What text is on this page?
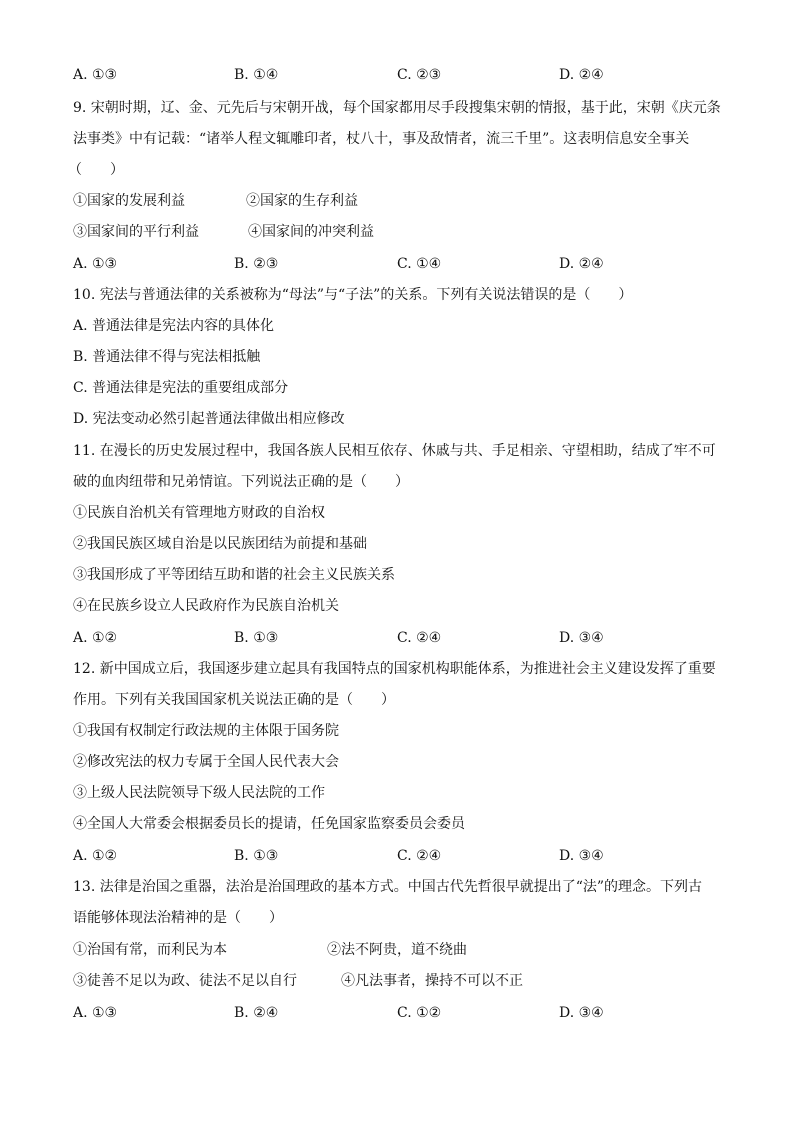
A. ①③	B. ①④	C. ②③	D. ②④
9. 宋朝时期，辽、金、元先后与宋朝开战，每个国家都用尽手段搜集宋朝的情报，基于此，宋朝《庆元条
法事类》中有记载：“诸举人程文辄雕印者，杖八十，事及敌情者，流三千里”。这表明信息安全事关
（　　）
①国家的发展利益	②国家的生存利益
③国家间的平行利益	④国家间的冲突利益
A. ①③	B. ②③	C. ①④	D. ②④
10. 宪法与普通法律的关系被称为“母法”与“子法”的关系。下列有关说法错误的是（　　）
A. 普通法律是宪法内容的具体化
B. 普通法律不得与宪法相抵触
C. 普通法律是宪法的重要组成部分
D. 宪法变动必然引起普通法律做出相应修改
11. 在漫长的历史发展过程中，我国各族人民相互依存、休戚与共、手足相亲、守望相助，结成了牢不可
破的血肉纽带和兄弟情谊。下列说法正确的是（　　）
①民族自治机关有管理地方财政的自治权
②我国民族区域自治是以民族团结为前提和基础
③我国形成了平等团结互助和谐的社会主义民族关系
④在民族乡设立人民政府作为民族自治机关
A. ①②	B. ①③	C. ②④	D. ③④
12. 新中国成立后，我国逐步建立起具有我国特点的国家机构职能体系，为推进社会主义建设发挥了重要
作用。下列有关我国国家机关说法正确的是（　　）
①我国有权制定行政法规的主体限于国务院
②修改宪法的权力专属于全国人民代表大会
③上级人民法院领导下级人民法院的工作
④全国人大常委会根据委员长的提请，任免国家监察委员会委员
A. ①②	B. ①③	C. ②④	D. ③④
13. 法律是治国之重器，法治是治国理政的基本方式。中国古代先哲很早就提出了“法”的理念。下列古
语能够体现法治精神的是（　　）
①治国有常，而利民为本	②法不阿贵，道不绕曲
③徒善不足以为政、徒法不足以自行	④凡法事者，操持不可以不正
A. ①③	B. ②④	C. ①②	D. ③④
